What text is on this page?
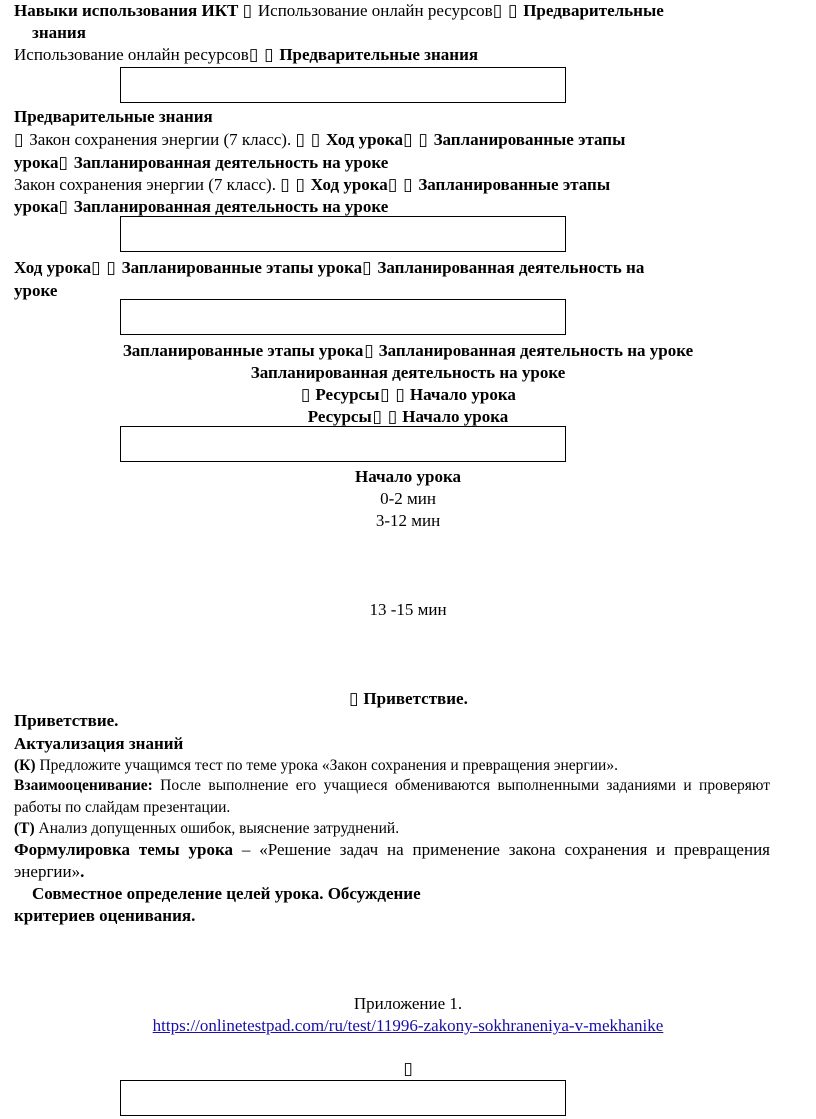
Навыки использования ИКТ ▯ Использование онлайн ресурсов▯ ▯ Предварительные
знания
Использование онлайн ресурсов▯ ▯ Предварительные знания
Предварительные знания
▯ Закон сохранения энергии (7 класс). ▯ ▯ Ход урока▯ ▯ Запланированные этапы
урока▯ Запланированная деятельность на уроке
Закон сохранения энергии (7 класс). ▯ ▯ Ход урока▯ ▯ Запланированные этапы
урока▯ Запланированная деятельность на уроке
Ход урока▯ ▯ Запланированные этапы урока▯ Запланированная деятельность на
уроке
Запланированные этапы урока▯ Запланированная деятельность на уроке
Запланированная деятельность на уроке
▯ Ресурсы▯ ▯ Начало урока
Ресурсы▯ ▯ Начало урока
Начало урока
0-2 мин
3-12 мин
13 -15 мин
▯ Приветствие.
Приветствие.
Актуализация знаний
(К) Предложите учащимся тест по теме урока «Закон сохранения и превращения энергии».
Взаимооценивание: После выполнение его учащиеся обмениваются выполненными заданиями и проверяют работы по слайдам презентации.
(Т) Анализ допущенных ошибок, выяснение затруднений.
Формулировка темы урока – «Решение задач на применение закона сохранения и превращения энергии».
Совместное определение целей урока. Обсуждение
критериев оценивания.
Приложение 1.
https://onlinetestpad.com/ru/test/11996-zakony-sokhraneniya-v-mekhanike
▯
